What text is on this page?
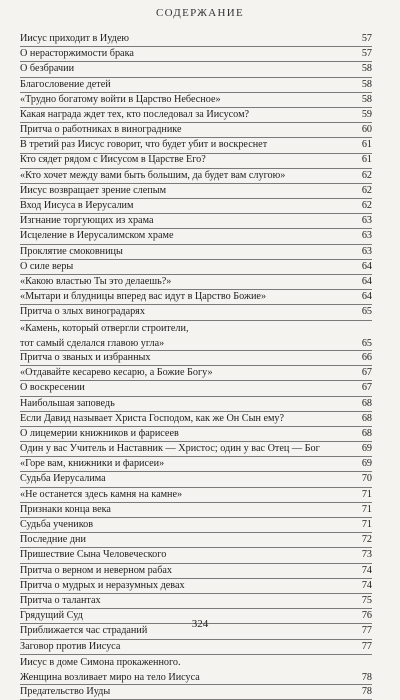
СОДЕРЖАНИЕ
Иисус приходит в Иудею	57
О нерасторжимости брака	57
О безбрачии	58
Благословение детей	58
«Трудно богатому войти в Царство Небесное»	58
Какая награда ждет тех, кто последовал за Иисусом?	59
Притча о работниках в винограднике	60
В третий раз Иисус говорит, что будет убит и воскреснет	61
Кто сядет рядом с Иисусом в Царстве Его?	61
«Кто хочет между вами быть большим, да будет вам слугою»	62
Иисус возвращает зрение слепым	62
Вход Иисуса в Иерусалим	62
Изгнание торгующих из храма	63
Исцеление в Иерусалимском храме	63
Проклятие смоковницы	63
О силе веры	64
«Какою властью Ты это делаешь?»	64
«Мытари и блудницы вперед вас идут в Царство Божие»	64
Притча о злых виноградарях	65
«Камень, который отвергли строители,
тот самый сделался главою угла»	65
Притча о званых и избранных	66
«Отдавайте кесарево кесарю, а Божие Богу»	67
О воскресении	67
Наибольшая заповедь	68
Если Давид называет Христа Господом, как же Он Сын ему?	68
О лицемерии книжников и фарисеев	68
Один у вас Учитель и Наставник — Христос; один у вас Отец — Бог	69
«Горе вам, книжники и фарисеи»	69
Судьба Иерусалима	70
«Не останется здесь камня на камне»	71
Признаки конца века	71
Судьба учеников	71
Последние дни	72
Пришествие Сына Человеческого	73
Притча о верном и неверном рабах	74
Притча о мудрых и неразумных девах	74
Притча о талантах	75
Грядущий Суд	76
Приближается час страданий	77
Заговор против Иисуса	77
Иисус в доме Симона прокаженного.
Женщина возливает миро на тело Иисуса	78
Предательство Иуды	78
324
